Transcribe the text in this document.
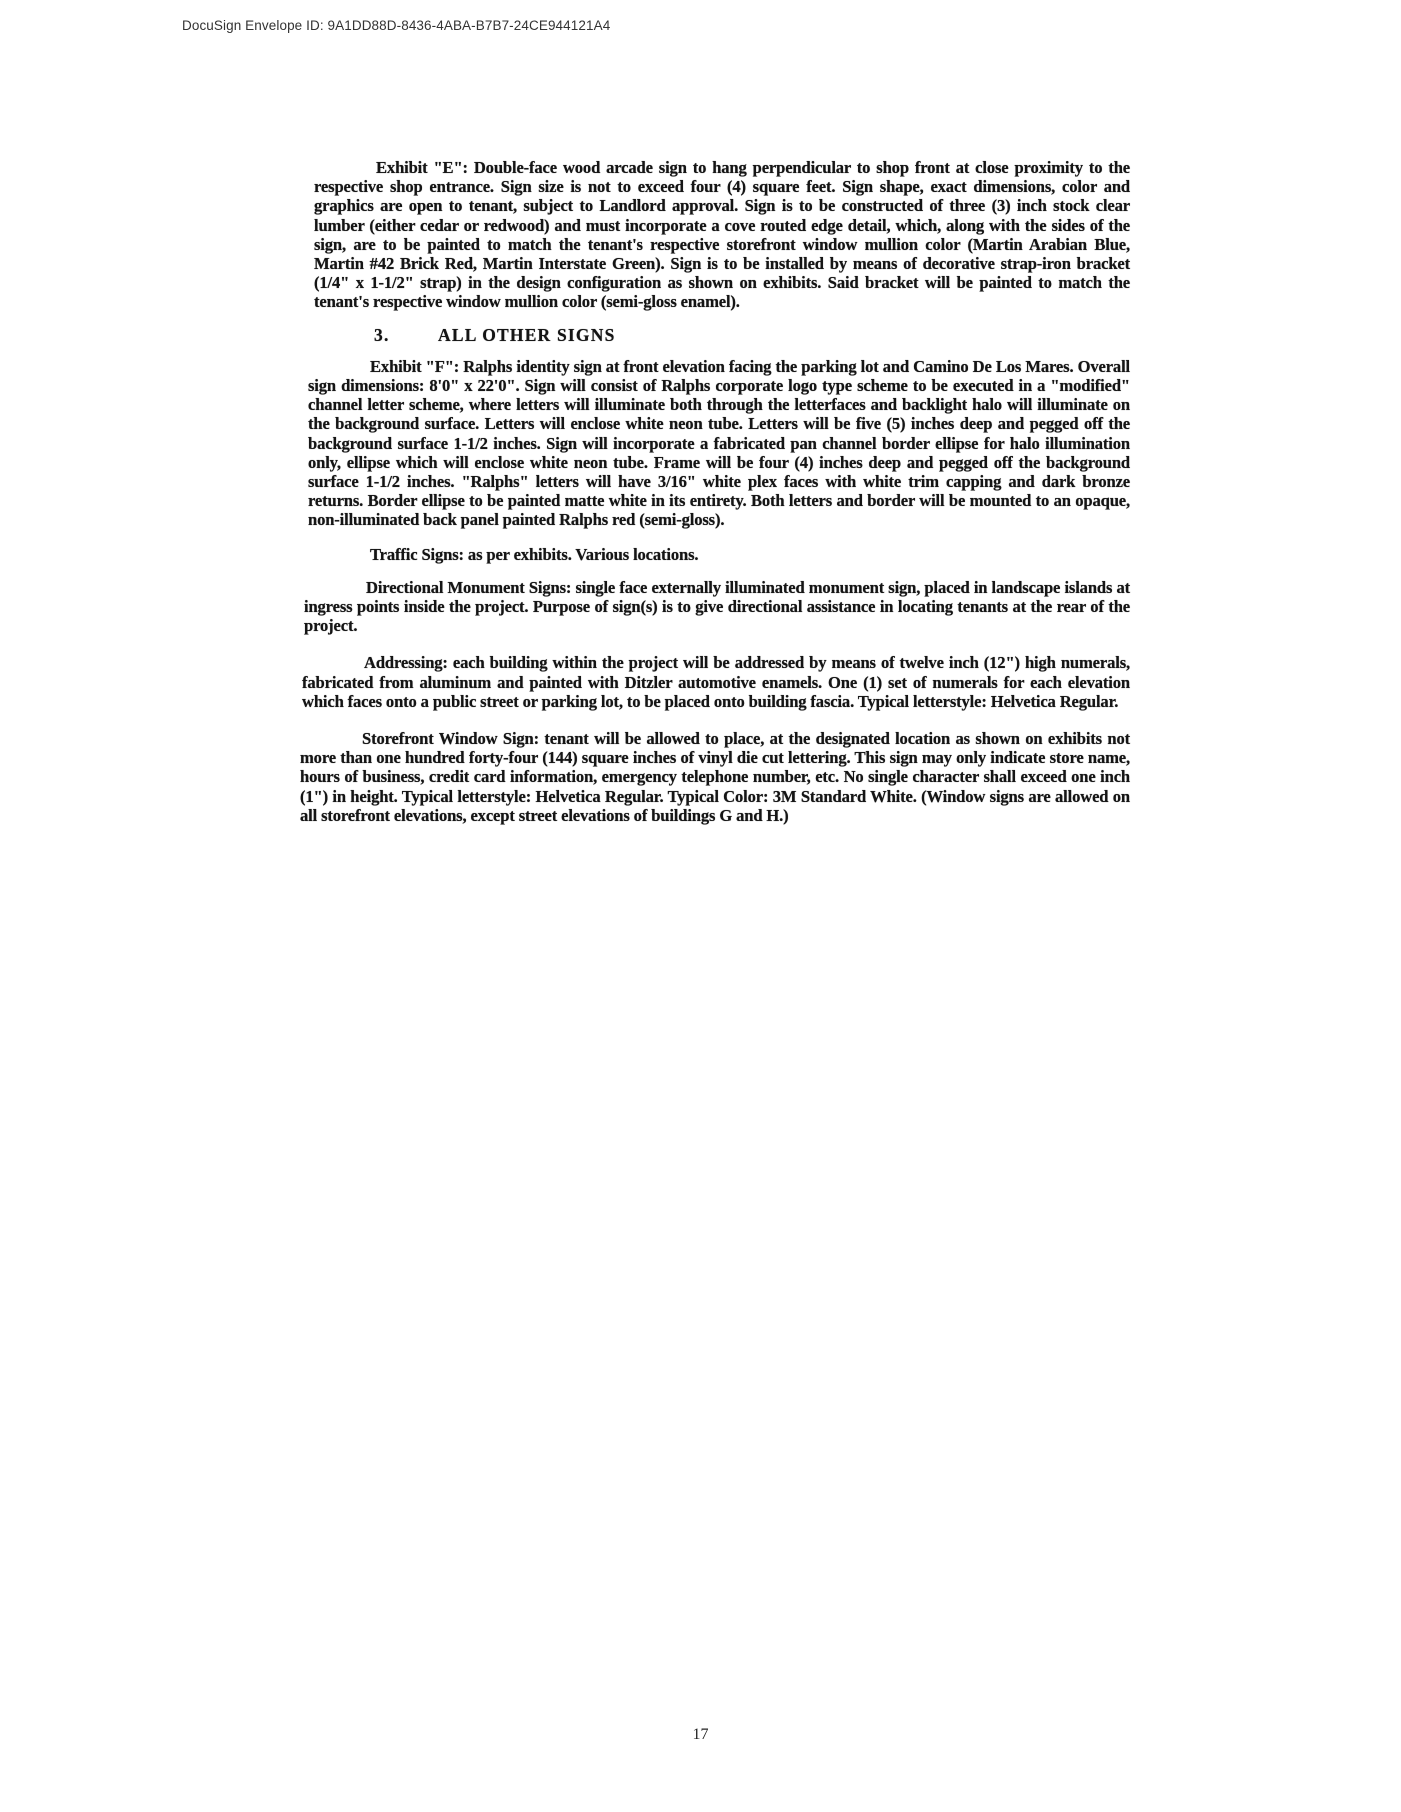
DocuSign Envelope ID: 9A1DD88D-8436-4ABA-B7B7-24CE944121A4

Exhibit "E": Double-face wood arcade sign to hang perpendicular to shop front at close proximity to the respective shop entrance. Sign size is not to exceed four (4) square feet. Sign shape, exact dimensions, color and graphics are open to tenant, subject to Landlord approval. Sign is to be constructed of three (3) inch stock clear lumber (either cedar or redwood) and must incorporate a cove routed edge detail, which, along with the sides of the sign, are to be painted to match the tenant's respective storefront window mullion color (Martin Arabian Blue, Martin #42 Brick Red, Martin Interstate Green). Sign is to be installed by means of decorative strap-iron bracket (1/4" x 1-1/2" strap) in the design configuration as shown on exhibits. Said bracket will be painted to match the tenant's respective window mullion color (semi-gloss enamel).

3.	ALL OTHER SIGNS

Exhibit "F": Ralphs identity sign at front elevation facing the parking lot and Camino De Los Mares. Overall sign dimensions: 8'0" x 22'0". Sign will consist of Ralphs corporate logo type scheme to be executed in a "modified" channel letter scheme, where letters will illuminate both through the letterfaces and backlight halo will illuminate on the background surface. Letters will enclose white neon tube. Letters will be five (5) inches deep and pegged off the background surface 1-1/2 inches. Sign will incorporate a fabricated pan channel border ellipse for halo illumination only, ellipse which will enclose white neon tube. Frame will be four (4) inches deep and pegged off the background surface 1-1/2 inches. "Ralphs" letters will have 3/16" white plex faces with white trim capping and dark bronze returns. Border ellipse to be painted matte white in its entirety. Both letters and border will be mounted to an opaque, non-illuminated back panel painted Ralphs red (semi-gloss).

Traffic Signs: as per exhibits. Various locations.

Directional Monument Signs: single face externally illuminated monument sign, placed in landscape islands at ingress points inside the project. Purpose of sign(s) is to give directional assistance in locating tenants at the rear of the project.

Addressing: each building within the project will be addressed by means of twelve inch (12") high numerals, fabricated from aluminum and painted with Ditzler automotive enamels. One (1) set of numerals for each elevation which faces onto a public street or parking lot, to be placed onto building fascia. Typical letterstyle: Helvetica Regular.

Storefront Window Sign: tenant will be allowed to place, at the designated location as shown on exhibits not more than one hundred forty-four (144) square inches of vinyl die cut lettering. This sign may only indicate store name, hours of business, credit card information, emergency telephone number, etc. No single character shall exceed one inch (1") in height. Typical letterstyle: Helvetica Regular. Typical Color: 3M Standard White. (Window signs are allowed on all storefront elevations, except street elevations of buildings G and H.)

17
